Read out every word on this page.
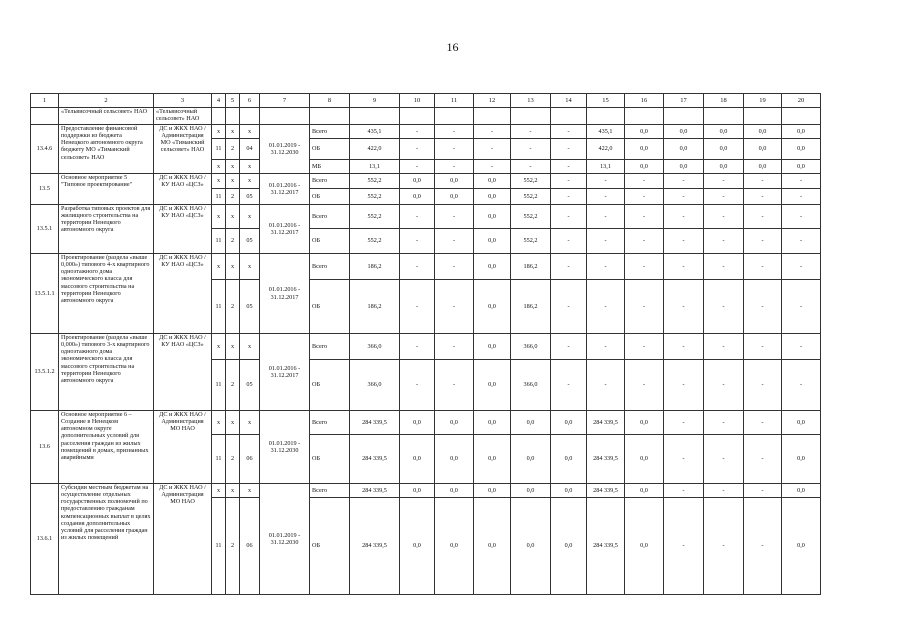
16
1	2	3	4	5	6	7	8	9	10	11	12	13	14	15	16	17	18	19	20
	«Тельвисочный сельсовет» НАО	«Тельвисочный сельсовет» НАО																	
13.4.6	Предоставление финансовой поддержки из бюджета Ненецкого автономного округа бюджету МО «Тиманский сельсовет» НАО	ДС и ЖКХ НАО /Администрация МО «Тиманский сельсовет» НАО	x	x	x	01.01.2019 - 31.12.2030	Всего	435,1	-	-	-	-	-	435,1	0,0	0,0	0,0	0,0	0,0
			11	2	04		ОБ	422,0	-	-	-	-	-	422,0	0,0	0,0	0,0	0,0	0,0
			x	x	x		МБ	13,1	-	-	-	-	-	13,1	0,0	0,0	0,0	0,0	0,0
13.5	Основное мероприятие 5 "Типовое проектирование"	ДС и ЖКХ НАО / КУ НАО «ЦСЗ»	x	x	x	01.01.2016 - 31.12.2017	Всего	552,2	0,0	0,0	0,0	552,2	-	-	-	-	-	-	-
			11	2	05		ОБ	552,2	0,0	0,0	0,0	552,2	-	-	-	-	-	-	-
13.5.1	Разработка типовых проектов для жилищного строительства на территории Ненецкого автономного округа	ДС и ЖКХ НАО / КУ НАО «ЦСЗ»	x	x	x	01.01.2016 - 31.12.2017	Всего	552,2	-	-	0,0	552,2	-	-	-	-	-	-	-
			11	2	05		ОБ	552,2	-	-	0,0	552,2	-	-	-	-	-	-	-
13.5.1.1	Проектирование (раздела «выше 0,000») типового 4-х квартирного одноэтажного дома экономического класса для массового строительства на территории Ненецкого автономного округа	ДС и ЖКХ НАО / КУ НАО «ЦСЗ»	x	x	x	01.01.2016 - 31.12.2017	Всего	186,2	-	-	0,0	186,2	-	-	-	-	-	-	-
			11	2	05		ОБ	186,2	-	-	0,0	186,2	-	-	-	-	-	-	-
13.5.1.2	Проектирование (раздела «выше 0,000») типового 3-х квартирного одноэтажного дома экономического класса для массового строительства на территории Ненецкого автономного округа	ДС и ЖКХ НАО / КУ НАО «ЦСЗ»	x	x	x	01.01.2016 - 31.12.2017	Всего	366,0	-	-	0,0	366,0	-	-	-	-	-	-	-
			11	2	05		ОБ	366,0	-	-	0,0	366,0	-	-	-	-	-	-	-
13.6	Основное мероприятие 6 – Создание в Ненецком автономном округе дополнительных условий для расселения граждан из жилых помещений в домах, признанных аварийными	ДС и ЖКХ НАО /Администрация МО НАО	x	x	x	01.01.2019 - 31.12.2030	Всего	284 339,5	0,0	0,0	0,0	0,0	0,0	284 339,5	0,0	-	-	-	0,0
			11	2	06		ОБ	284 339,5	0,0	0,0	0,0	0,0	0,0	284 339,5	0,0	-	-	-	0,0
13.6.1	Субсидии местным бюджетам на осуществление отдельных государственных полномочий по предоставлению гражданам компенсационных выплат в целях создания дополнительных условий для расселения граждан из жилых помещений	ДС и ЖКХ НАО / Администрация МО НАО	x	x	x	01.01.2019 - 31.12.2030	Всего	284 339,5	0,0	0,0	0,0	0,0	0,0	284 339,5	0,0	-	-	-	0,0
			11	2	06		ОБ	284 339,5	0,0	0,0	0,0	0,0	0,0	284 339,5	0,0	-	-	-	0,0
